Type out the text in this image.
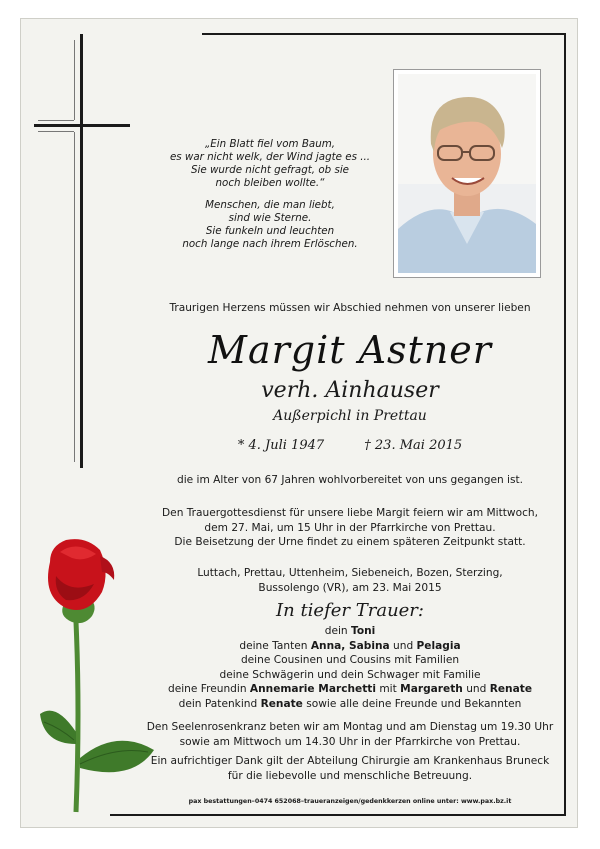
„Ein Blatt fiel vom Baum,
es war nicht welk, der Wind jagte es ...
Sie wurde nicht gefragt, ob sie
noch bleiben wollte.“
Menschen, die man liebt,
sind wie Sterne.
Sie funkeln und leuchten
noch lange nach ihrem Erlöschen.
Traurigen Herzens müssen wir Abschied nehmen von unserer lieben
Margit Astner
verh. Ainhauser
Außerpichl in Prettau
* 4. Juli 1947	† 23. Mai 2015
die im Alter von 67 Jahren wohlvorbereitet von uns gegangen ist.
Den Trauergottesdienst für unsere liebe Margit feiern wir am Mittwoch,
dem 27. Mai, um 15 Uhr in der Pfarrkirche von Prettau.
Die Beisetzung der Urne findet zu einem späteren Zeitpunkt statt.
Luttach, Prettau, Uttenheim, Siebeneich, Bozen, Sterzing,
Bussolengo (VR), am 23. Mai 2015
In tiefer Trauer:
dein Toni
deine Tanten Anna, Sabina und Pelagia
deine Cousinen und Cousins mit Familien
deine Schwägerin und dein Schwager mit Familie
deine Freundin Annemarie Marchetti mit Margareth und Renate
dein Patenkind Renate sowie alle deine Freunde und Bekannten
Den Seelenrosenkranz beten wir am Montag und am Dienstag um 19.30 Uhr
sowie am Mittwoch um 14.30 Uhr in der Pfarrkirche von Prettau.
Ein aufrichtiger Dank gilt der Abteilung Chirurgie am Krankenhaus Bruneck
für die liebevolle und menschliche Betreuung.
pax bestattungen–0474 652068–traueranzeigen/gedenkkerzen online unter: www.pax.bz.it
